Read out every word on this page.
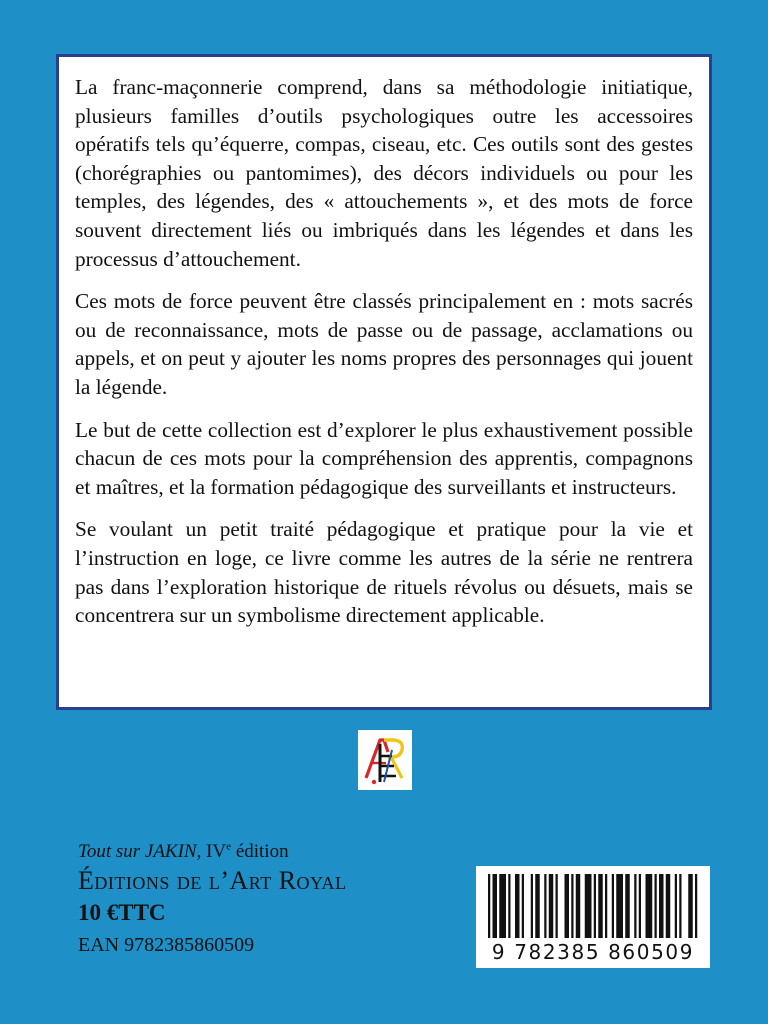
La franc-maçonnerie comprend, dans sa méthodologie initiatique, plusieurs familles d’outils psychologiques outre les accessoires opératifs tels qu’équerre, compas, ciseau, etc. Ces outils sont des gestes (chorégraphies ou pantomimes), des décors individuels ou pour les temples, des légendes, des « attouchements », et des mots de force souvent directement liés ou imbriqués dans les légendes et dans les processus d’attouchement.

Ces mots de force peuvent être classés principalement en : mots sacrés ou de reconnaissance, mots de passe ou de passage, acclamations ou appels, et on peut y ajouter les noms propres des personnages qui jouent la légende.

Le but de cette collection est d’explorer le plus exhaustivement possible chacun de ces mots pour la compréhension des apprentis, compagnons et maîtres, et la formation pédagogique des surveillants et instructeurs.

Se voulant un petit traité pédagogique et pratique pour la vie et l’instruction en loge, ce livre comme les autres de la série ne rentrera pas dans l’exploration historique de rituels révolus ou désuets, mais se concentrera sur un symbolisme directement applicable.

Tout sur JAKIN, IVe édition
Éditions de l’Art Royal
10 €TTC
EAN 9782385860509	9 782385 860509
